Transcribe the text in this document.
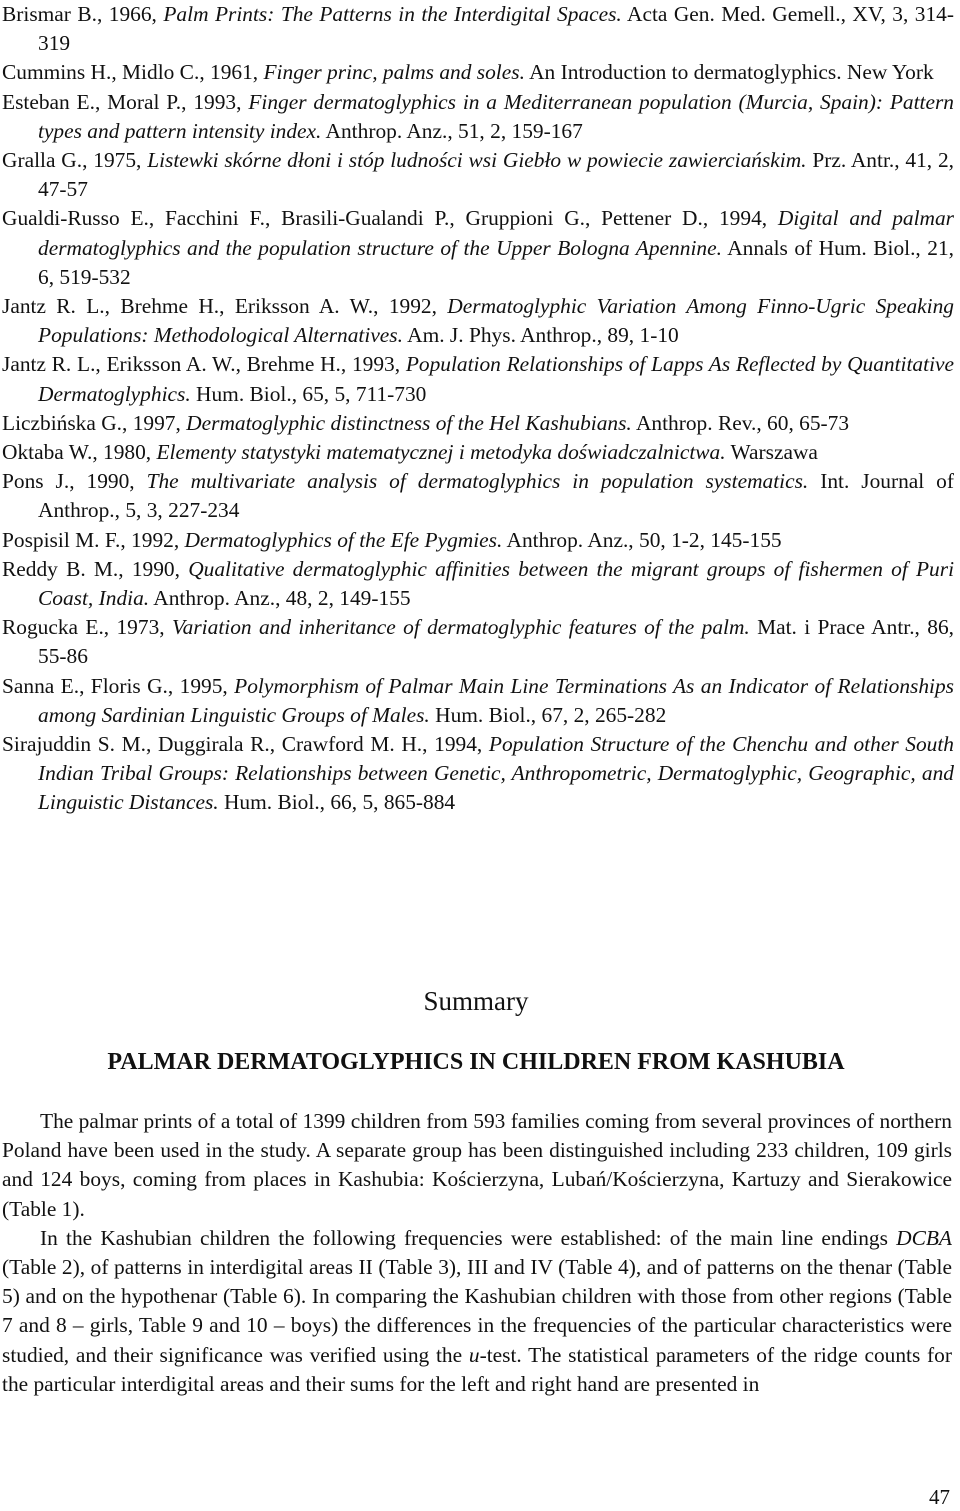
Brismar B., 1966, Palm Prints: The Patterns in the Interdigital Spaces. Acta Gen. Med. Gemell., XV, 3, 314-319
Cummins H., Midlo C., 1961, Finger princ, palms and soles. An Introduction to dermatoglyphics. New York
Esteban E., Moral P., 1993, Finger dermatoglyphics in a Mediterranean population (Murcia, Spain): Pattern types and pattern intensity index. Anthrop. Anz., 51, 2, 159-167
Gralla G., 1975, Listewki skórne dłoni i stóp ludności wsi Giebło w powiecie zawierciańskim. Prz. Antr., 41, 2, 47-57
Gualdi-Russo E., Facchini F., Brasili-Gualandi P., Gruppioni G., Pettener D., 1994, Digital and palmar dermatoglyphics and the population structure of the Upper Bologna Apennine. Annals of Hum. Biol., 21, 6, 519-532
Jantz R. L., Brehme H., Eriksson A. W., 1992, Dermatoglyphic Variation Among Finno-Ugric Speaking Populations: Methodological Alternatives. Am. J. Phys. Anthrop., 89, 1-10
Jantz R. L., Eriksson A. W., Brehme H., 1993, Population Relationships of Lapps As Reflected by Quantitative Dermatoglyphics. Hum. Biol., 65, 5, 711-730
Liczbińska G., 1997, Dermatoglyphic distinctness of the Hel Kashubians. Anthrop. Rev., 60, 65-73
Oktaba W., 1980, Elementy statystyki matematycznej i metodyka doświadczalnictwa. Warszawa
Pons J., 1990, The multivariate analysis of dermatoglyphics in population systematics. Int. Journal of Anthrop., 5, 3, 227-234
Pospisil M. F., 1992, Dermatoglyphics of the Efe Pygmies. Anthrop. Anz., 50, 1-2, 145-155
Reddy B. M., 1990, Qualitative dermatoglyphic affinities between the migrant groups of fishermen of Puri Coast, India. Anthrop. Anz., 48, 2, 149-155
Rogucka E., 1973, Variation and inheritance of dermatoglyphic features of the palm. Mat. i Prace Antr., 86, 55-86
Sanna E., Floris G., 1995, Polymorphism of Palmar Main Line Terminations As an Indicator of Relationships among Sardinian Linguistic Groups of Males. Hum. Biol., 67, 2, 265-282
Sirajuddin S. M., Duggirala R., Crawford M. H., 1994, Population Structure of the Chenchu and other South Indian Tribal Groups: Relationships between Genetic, Anthropometric, Dermatoglyphic, Geographic, and Linguistic Distances. Hum. Biol., 66, 5, 865-884
Summary
PALMAR DERMATOGLYPHICS IN CHILDREN FROM KASHUBIA

The palmar prints of a total of 1399 children from 593 families coming from several provinces of northern Poland have been used in the study. A separate group has been distinguished including 233 children, 109 girls and 124 boys, coming from places in Kashubia: Kościerzyna, Lubań/Kościerzyna, Kartuzy and Sierakowice (Table 1).

In the Kashubian children the following frequencies were established: of the main line endings DCBA (Table 2), of patterns in interdigital areas II (Table 3), III and IV (Table 4), and of patterns on the thenar (Table 5) and on the hypothenar (Table 6). In comparing the Kashubian children with those from other regions (Table 7 and 8 – girls, Table 9 and 10 – boys) the differences in the frequencies of the particular characteristics were studied, and their significance was verified using the u-test. The statistical parameters of the ridge counts for the particular interdigital areas and their sums for the left and right hand are presented in

47
